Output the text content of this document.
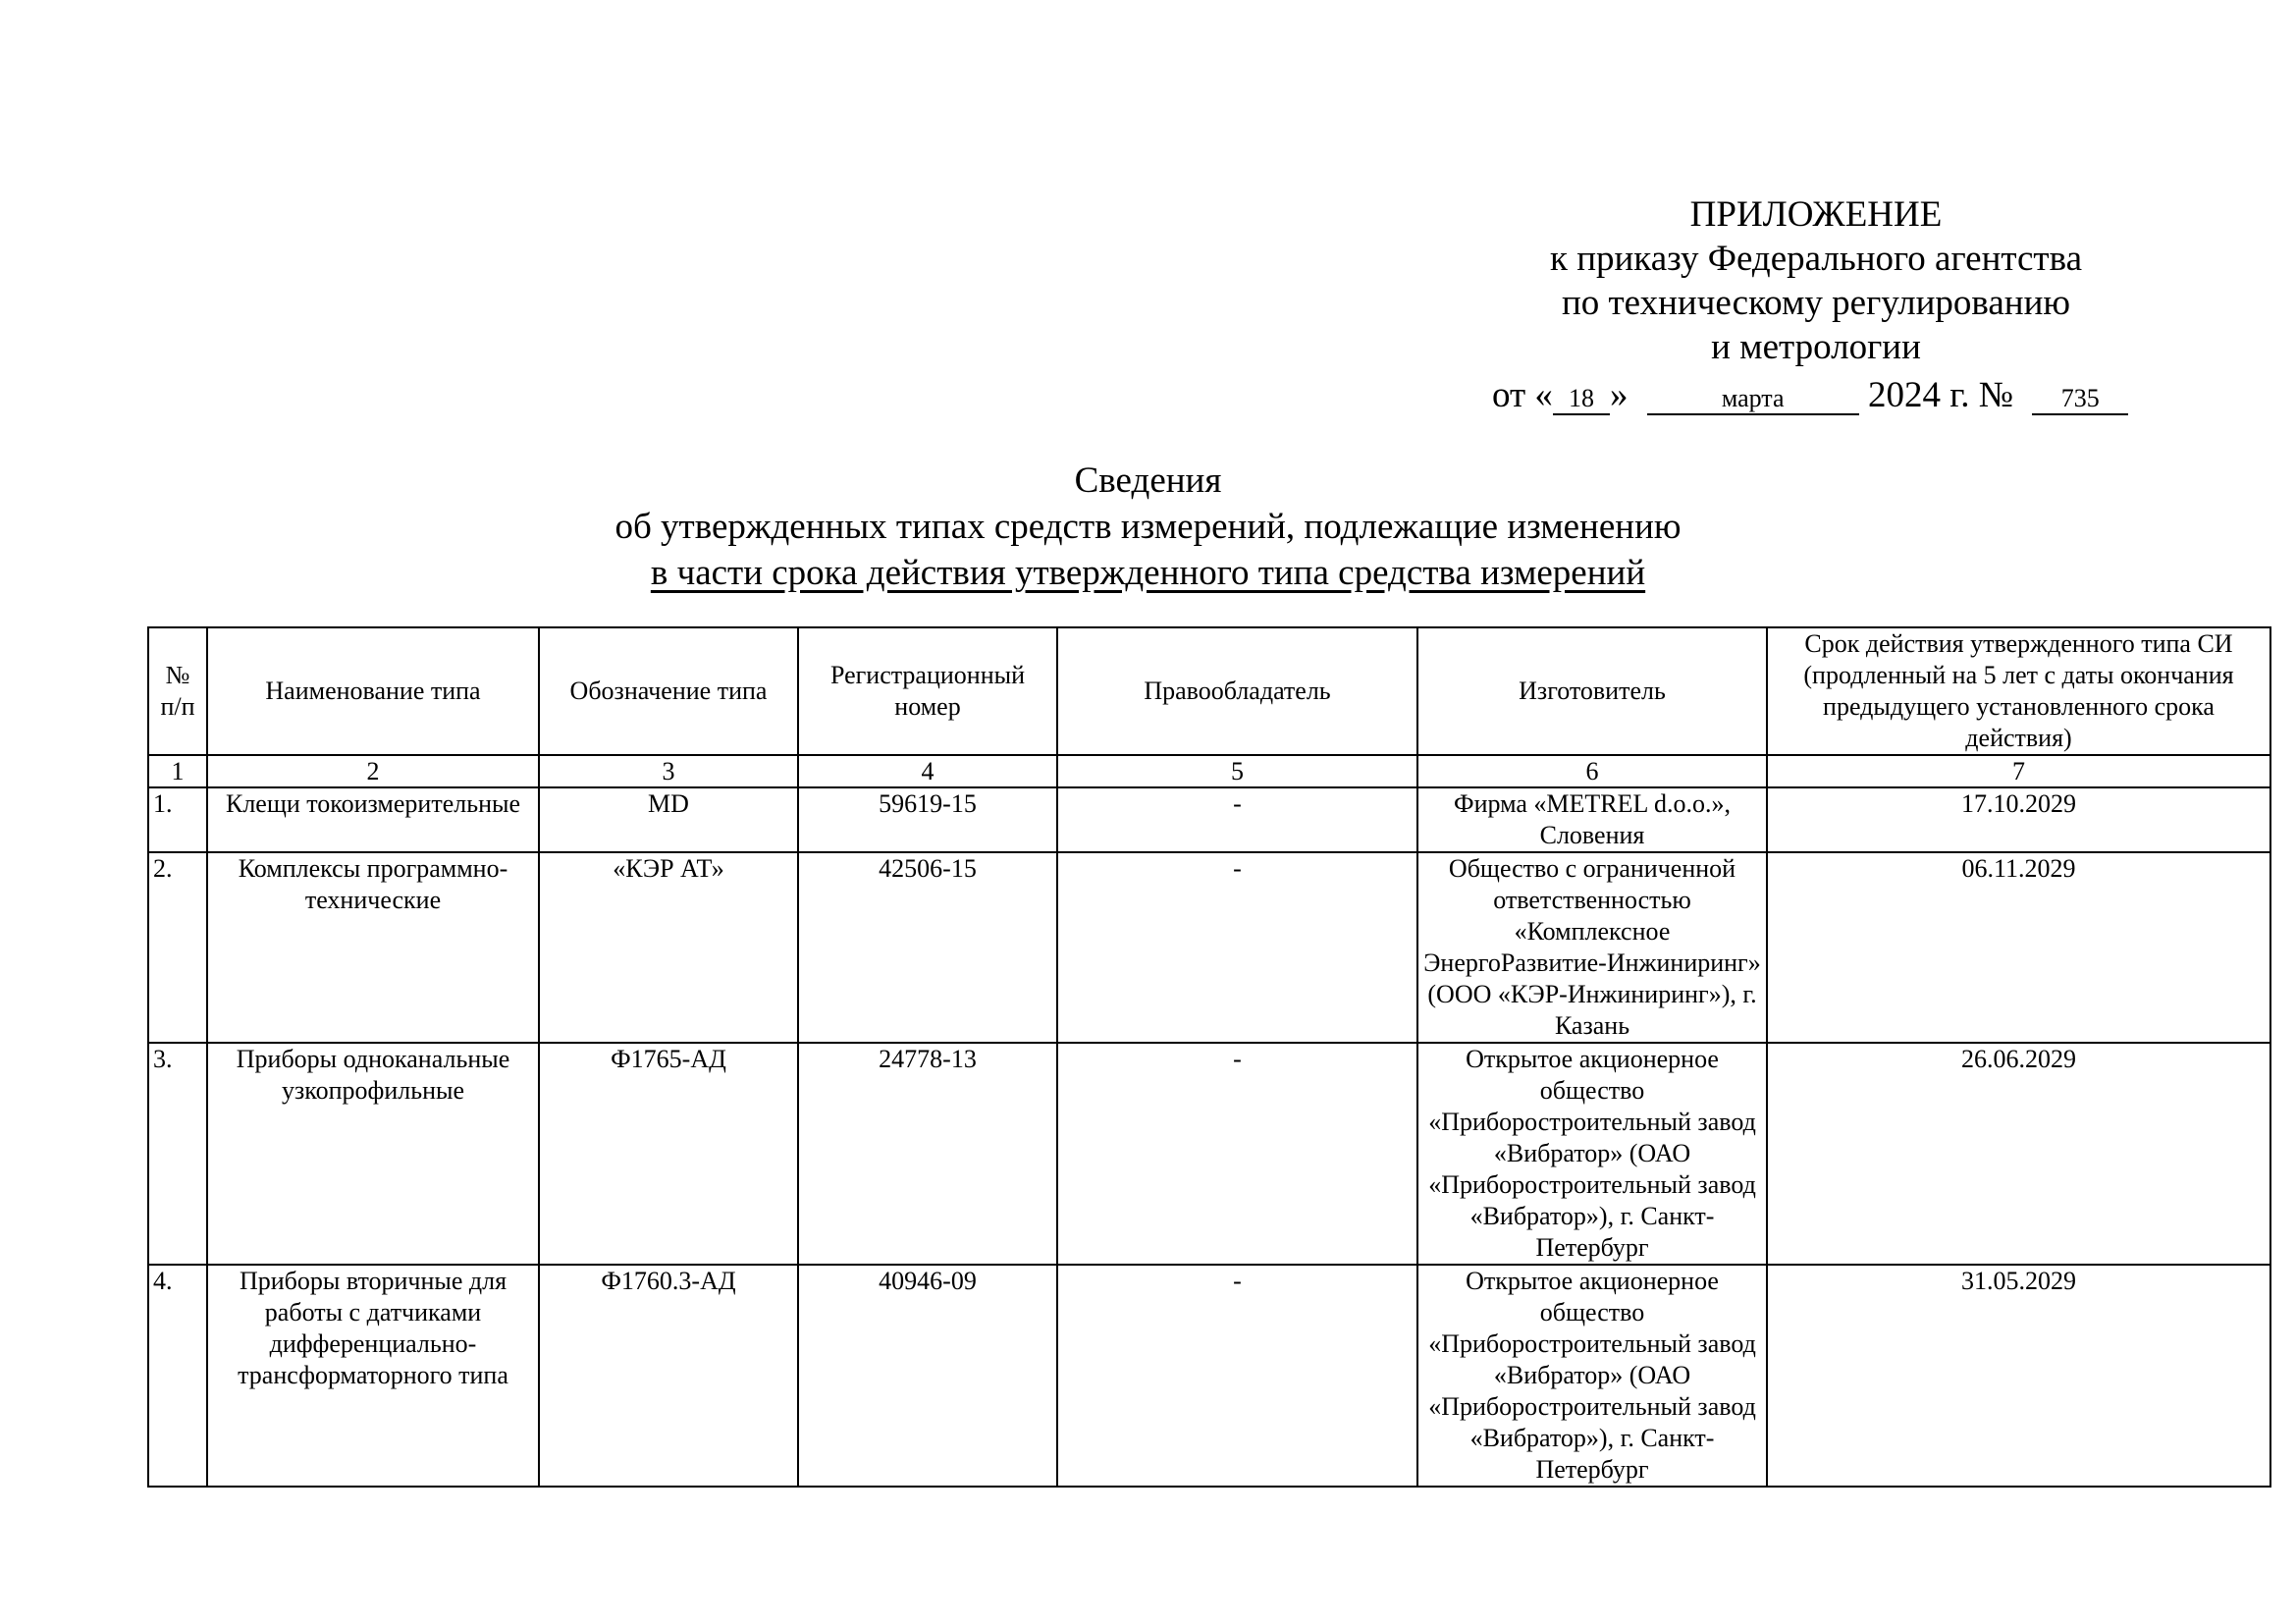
ПРИЛОЖЕНИЕ
к приказу Федерального агентства
по техническому регулированию
и метрологии
от « 18 »	марта 2024 г. № 735
Сведения
об утвержденных типах средств измерений, подлежащие изменению
в части срока действия утвержденного типа средства измерений
№ п/п	Наименование типа	Обозначение типа	Регистрационный номер	Правообладатель	Изготовитель	Срок действия утвержденного типа СИ (продленный на 5 лет с даты окончания предыдущего установленного срока действия)
1	2	3	4	5	6	7
1.	Клещи токоизмерительные	MD	59619-15	-	Фирма «METREL d.o.o.», Словения	17.10.2029
2.	Комплексы программно-технические	«КЭР АТ»	42506-15	-	Общество с ограниченной ответственностью «Комплексное ЭнергоРазвитие-Инжиниринг» (ООО «КЭР-Инжиниринг»), г. Казань	06.11.2029
3.	Приборы одноканальные узкопрофильные	Ф1765-АД	24778-13	-	Открытое акционерное общество «Приборостроительный завод «Вибратор» (ОАО «Приборостроительный завод «Вибратор»), г. Санкт-Петербург	26.06.2029
4.	Приборы вторичные для работы с датчиками дифференциально-трансформаторного типа	Ф1760.3-АД	40946-09	-	Открытое акционерное общество «Приборостроительный завод «Вибратор» (ОАО «Приборостроительный завод «Вибратор»), г. Санкт-Петербург	31.05.2029
